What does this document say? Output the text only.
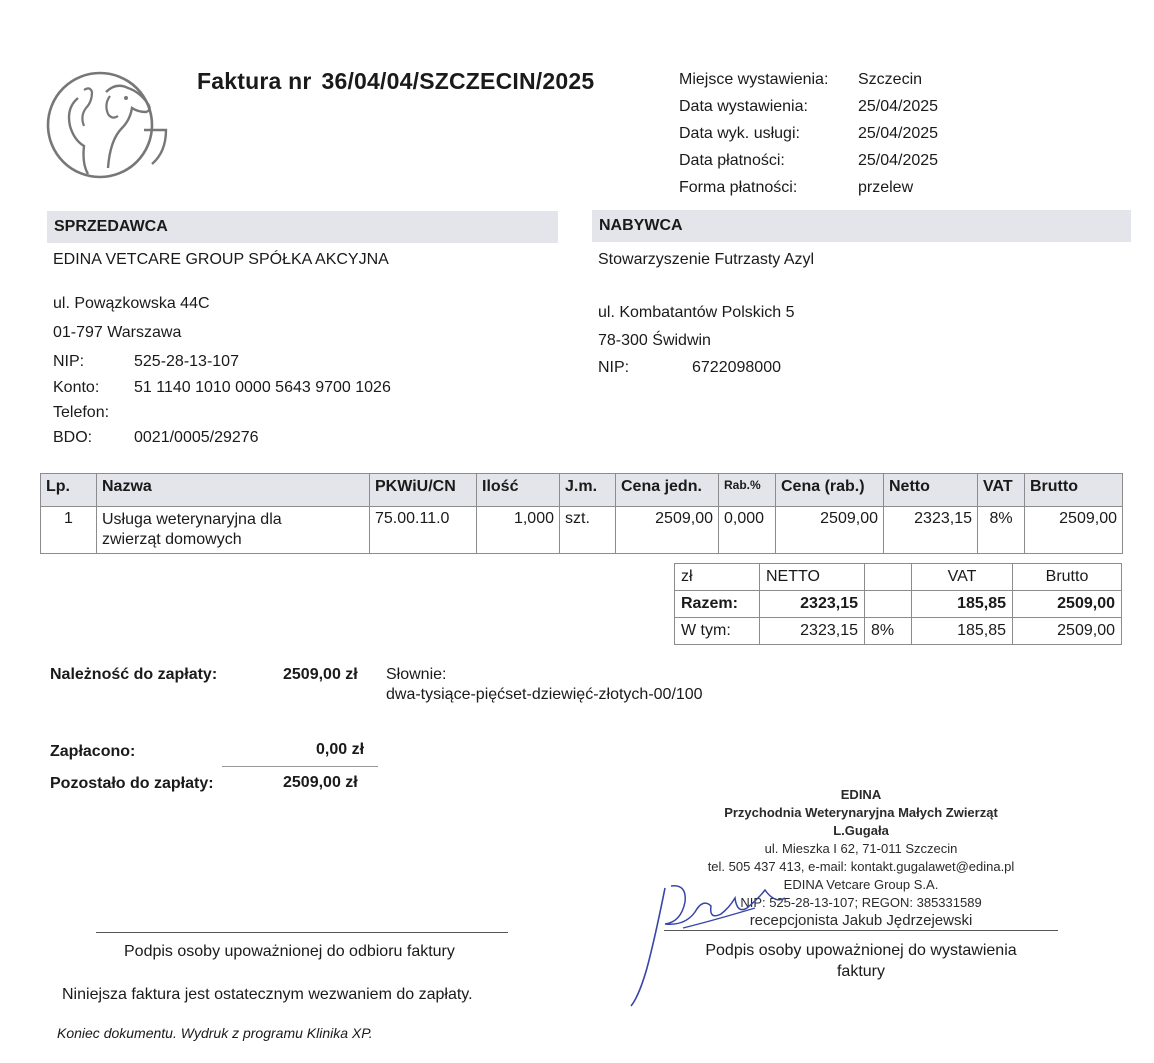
Faktura nr 36/04/04/SZCZECIN/2025	Miejsce wystawienia:	Szczecin
Data wystawienia:	25/04/2025
Data wyk. usługi:	25/04/2025
Data płatności:	25/04/2025
Forma płatności:	przelew
SPRZEDAWCA
EDINA VETCARE GROUP SPÓŁKA AKCYJNA
ul. Powązkowska 44C
01-797 Warszawa
NIP:	525-28-13-107
Konto: 51 1140 1010 0000 5643 9700 1026
Telefon:
BDO:	0021/0005/29276
NABYWCA
Stowarzyszenie Futrzasty Azyl
ul. Kombatantów Polskich 5
78-300 Świdwin
NIP:	6722098000
Lp.	Nazwa	PKWiU/CN	Ilość	J.m.	Cena jedn.	Rab.%	Cena (rab.)	Netto	VAT	Brutto
1	Usługa weterynaryjna dla
zwierząt domowych	75.00.11.0	1,000	szt.	2509,00	0,000	2509,00	2323,15	8%	2509,00
zł	NETTO		VAT	Brutto
Razem:	2323,15		185,85	2509,00
W tym:	2323,15	8%	185,85	2509,00
Należność do zapłaty:	2509,00 zł Słownie:
dwa-tysiące-pięćset-dziewięć-złotych-00/100
Zapłacono:	0,00 zł
Pozostało do zapłaty:	2509,00 zł
EDINA
Przychodnia Weterynaryjna Małych Zwierząt
L.Gugała
ul. Mieszka I 62, 71-011 Szczecin
tel. 505 437 413, e-mail: kontakt.gugalawet@edina.pl
EDINA Vetcare Group S.A.
NIP: 525-28-13-107; REGON: 385331589
recepcjonista Jakub Jędrzejewski
Podpis osoby upoważnionej do odbioru faktury	Podpis osoby upoważnionej do wystawienia
faktury
Niniejsza faktura jest ostatecznym wezwaniem do zapłaty.
Koniec dokumentu. Wydruk z programu Klinika XP.
